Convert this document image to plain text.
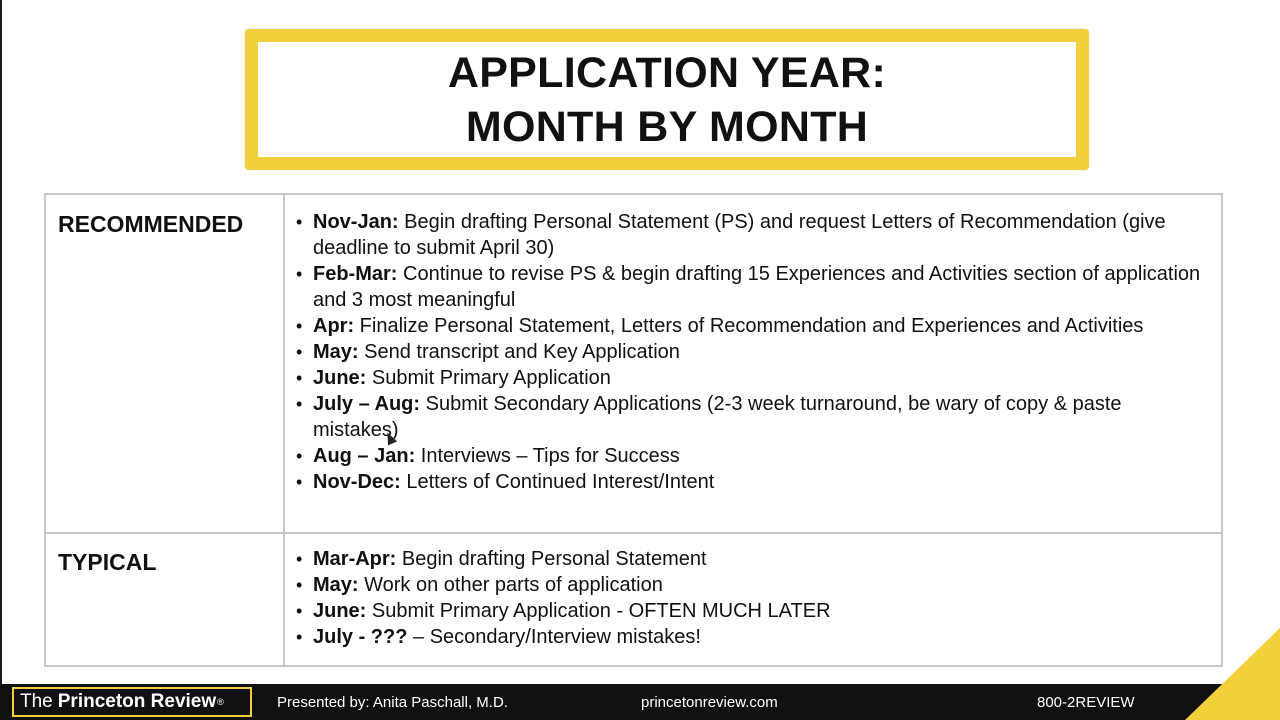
APPLICATION YEAR:
MONTH BY MONTH
RECOMMENDED	• Nov-Jan: Begin drafting Personal Statement (PS) and request Letters of Recommendation (give deadline to submit April 30)
• Feb-Mar: Continue to revise PS & begin drafting 15 Experiences and Activities section of application and 3 most meaningful
• Apr: Finalize Personal Statement, Letters of Recommendation and Experiences and Activities
• May: Send transcript and Key Application
• June: Submit Primary Application
• July – Aug: Submit Secondary Applications (2-3 week turnaround, be wary of copy & paste mistakes)
• Aug – Jan: Interviews – Tips for Success
• Nov-Dec: Letters of Continued Interest/Intent
TYPICAL	• Mar-Apr: Begin drafting Personal Statement
• May: Work on other parts of application
• June: Submit Primary Application - OFTEN MUCH LATER
• July - ??? – Secondary/Interview mistakes!
The Princeton Review ®	Presented by: Anita Paschall, M.D.	princetonreview.com	800-2REVIEW
